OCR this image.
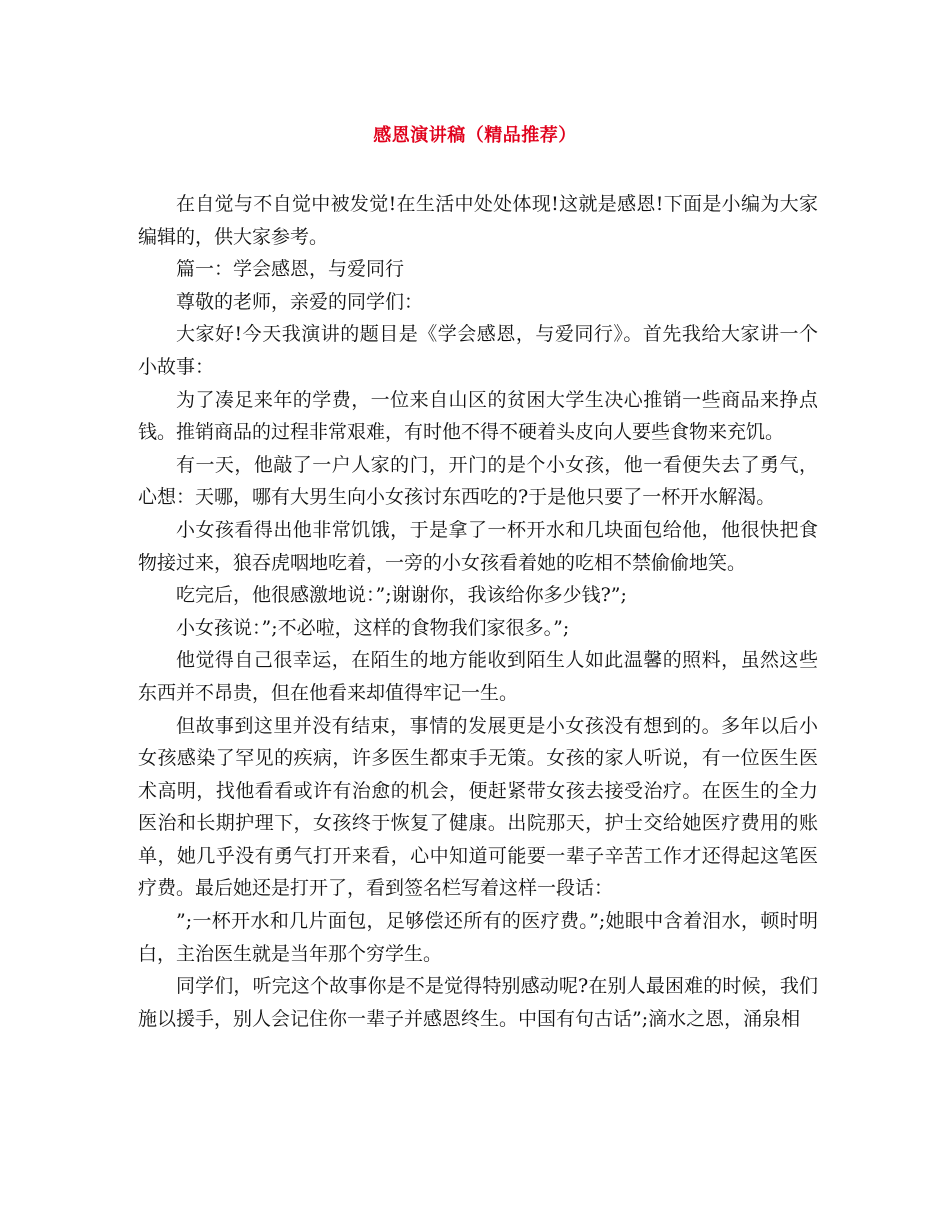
感恩演讲稿（精品推荐）

在自觉与不自觉中被发觉!在生活中处处体现!这就是感恩!下面是小编为大家编辑的，供大家参考。

篇一：学会感恩，与爱同行

尊敬的老师，亲爱的同学们：

大家好!今天我演讲的题目是《学会感恩，与爱同行》。首先我给大家讲一个小故事：

为了凑足来年的学费，一位来自山区的贫困大学生决心推销一些商品来挣点钱。推销商品的过程非常艰难，有时他不得不硬着头皮向人要些食物来充饥。

有一天，他敲了一户人家的门，开门的是个小女孩，他一看便失去了勇气，心想：天哪，哪有大男生向小女孩讨东西吃的?于是他只要了一杯开水解渴。

小女孩看得出他非常饥饿，于是拿了一杯开水和几块面包给他，他很快把食物接过来，狼吞虎咽地吃着，一旁的小女孩看着她的吃相不禁偷偷地笑。

吃完后，他很感激地说：”;谢谢你，我该给你多少钱?”;

小女孩说：”;不必啦，这样的食物我们家很多。”;

他觉得自己很幸运，在陌生的地方能收到陌生人如此温馨的照料，虽然这些东西并不昂贵，但在他看来却值得牢记一生。

但故事到这里并没有结束，事情的发展更是小女孩没有想到的。多年以后小女孩感染了罕见的疾病，许多医生都束手无策。女孩的家人听说，有一位医生医术高明，找他看看或许有治愈的机会，便赶紧带女孩去接受治疗。在医生的全力医治和长期护理下，女孩终于恢复了健康。出院那天，护士交给她医疗费用的账单，她几乎没有勇气打开来看，心中知道可能要一辈子辛苦工作才还得起这笔医疗费。最后她还是打开了，看到签名栏写着这样一段话：

”;一杯开水和几片面包，足够偿还所有的医疗费。”;她眼中含着泪水，顿时明白，主治医生就是当年那个穷学生。

同学们，听完这个故事你是不是觉得特别感动呢?在别人最困难的时候，我们施以援手，别人会记住你一辈子并感恩终生。中国有句古话”;滴水之恩，涌泉相
